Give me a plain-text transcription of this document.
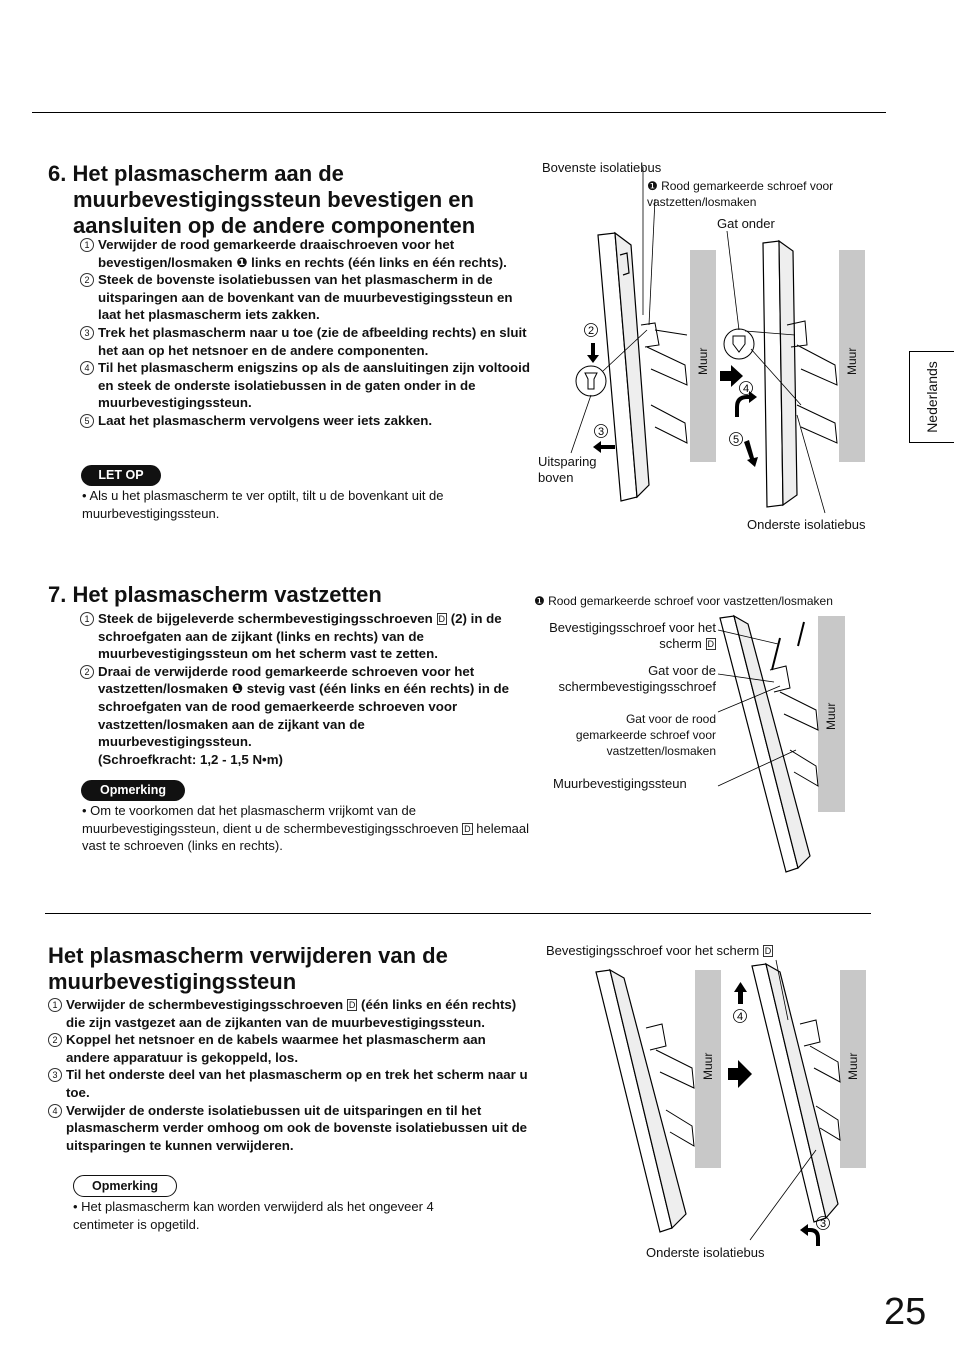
Nederlands
6. Het plasmascherm aan de
muurbevestigingssteun bevestigen en
aansluiten op de andere componenten
1 Verwijder de rood gemarkeerde draaischroeven voor het bevestigen/losmaken ❶ links en rechts (één links en één rechts).
2 Steek de bovenste isolatiebussen van het plasmascherm in de uitsparingen aan de bovenkant van de muurbevestigingssteun en laat het plasmascherm iets zakken.
3 Trek het plasmascherm naar u toe (zie de afbeelding rechts) en sluit het aan op het netsnoer en de andere componenten.
4 Til het plasmascherm enigszins op als de aansluitingen zijn voltooid en steek de onderste isolatiebussen in de gaten onder in de muurbevestigingssteun.
5 Laat het plasmascherm vervolgens weer iets zakken.
LET OP
• Als u het plasmascherm te ver optilt, tilt u de bovenkant uit de muurbevestigingssteun.
2
3
4
5
Muur	Muur
Bovenste isolatiebus
❶ Rood gemarkeerde schroef voor vastzetten/losmaken
Gat onder
Uitsparing boven
Onderste isolatiebus
7. Het plasmascherm vastzetten
1 Steek de bijgeleverde schermbevestigingsschroeven D (2) in de schroefgaten aan de zijkant (links en rechts) van de muurbevestigingssteun om het scherm vast te zetten.
2 Draai de verwijderde rood gemarkeerde schroeven voor het vastzetten/losmaken ❶ stevig vast (één links en één rechts) in de schroefgaten van de rood gemaerkeerde schroeven voor vastzetten/losmaken aan de zijkant van de muurbevestigingssteun.
(Schroefkracht: 1,2 - 1,5 N•m)
Opmerking
• Om te voorkomen dat het plasmascherm vrijkomt van de muurbevestigingssteun, dient u de schermbevestigingsschroeven D helemaal vast te schroeven (links en rechts).
Muur
❶ Rood gemarkeerde schroef voor vastzetten/losmaken
Bevestigingsschroef voor het scherm D
Gat voor de schermbevestigingsschroef
Gat voor de rood gemarkeerde schroef voor vastzetten/losmaken
Muurbevestigingssteun
Het plasmascherm verwijderen van de
muurbevestigingssteun
1 Verwijder de schermbevestigingsschroeven D (één links en één rechts) die zijn vastgezet aan de zijkanten van de muurbevestigingssteun.
2 Koppel het netsnoer en de kabels waarmee het plasmascherm aan andere apparatuur is gekoppeld, los.
3 Til het onderste deel van het plasmascherm op en trek het scherm naar u toe.
4 Verwijder de onderste isolatiebussen uit de uitsparingen en til het plasmascherm verder omhoog om ook de bovenste isolatiebussen uit de uitsparingen te kunnen verwijderen.
Opmerking
• Het plasmascherm kan worden verwijderd als het ongeveer 4 centimeter is opgetild.
4
3
Muur	Muur
Bevestigingsschroef voor het scherm D
Onderste isolatiebus
25
